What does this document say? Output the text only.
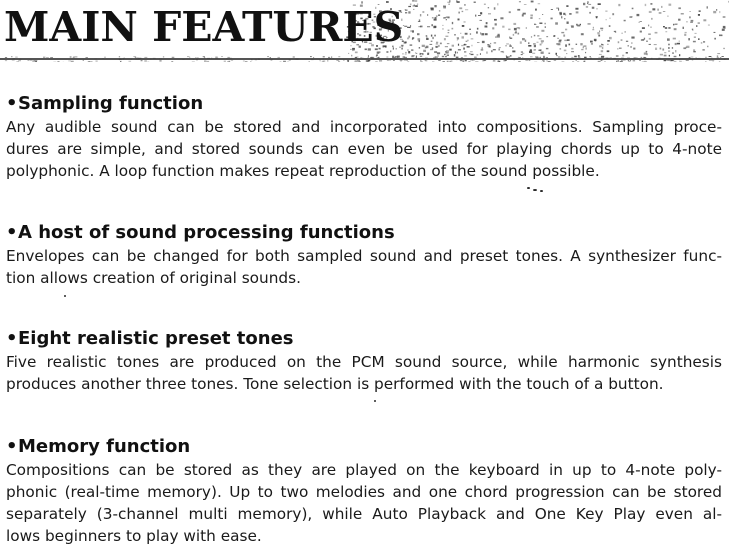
MAIN FEATURES
•Sampling function

Any audible sound can be stored and incorporated into compositions. Sampling proce-
dures are simple, and stored sounds can even be used for playing chords up to 4-note
polyphonic. A loop function makes repeat reproduction of the sound possible.

•A host of sound processing functions

Envelopes can be changed for both sampled sound and preset tones. A synthesizer func-
tion allows creation of original sounds.

•Eight realistic preset tones

Five realistic tones are produced on the PCM sound source, while harmonic synthesis
produces another three tones. Tone selection is performed with the touch of a button.

•Memory function

Compositions can be stored as they are played on the keyboard in up to 4-note poly-
phonic (real-time memory). Up to two melodies and one chord progression can be stored
separately (3-channel multi memory), while Auto Playback and One Key Play even al-
lows beginners to play with ease.
